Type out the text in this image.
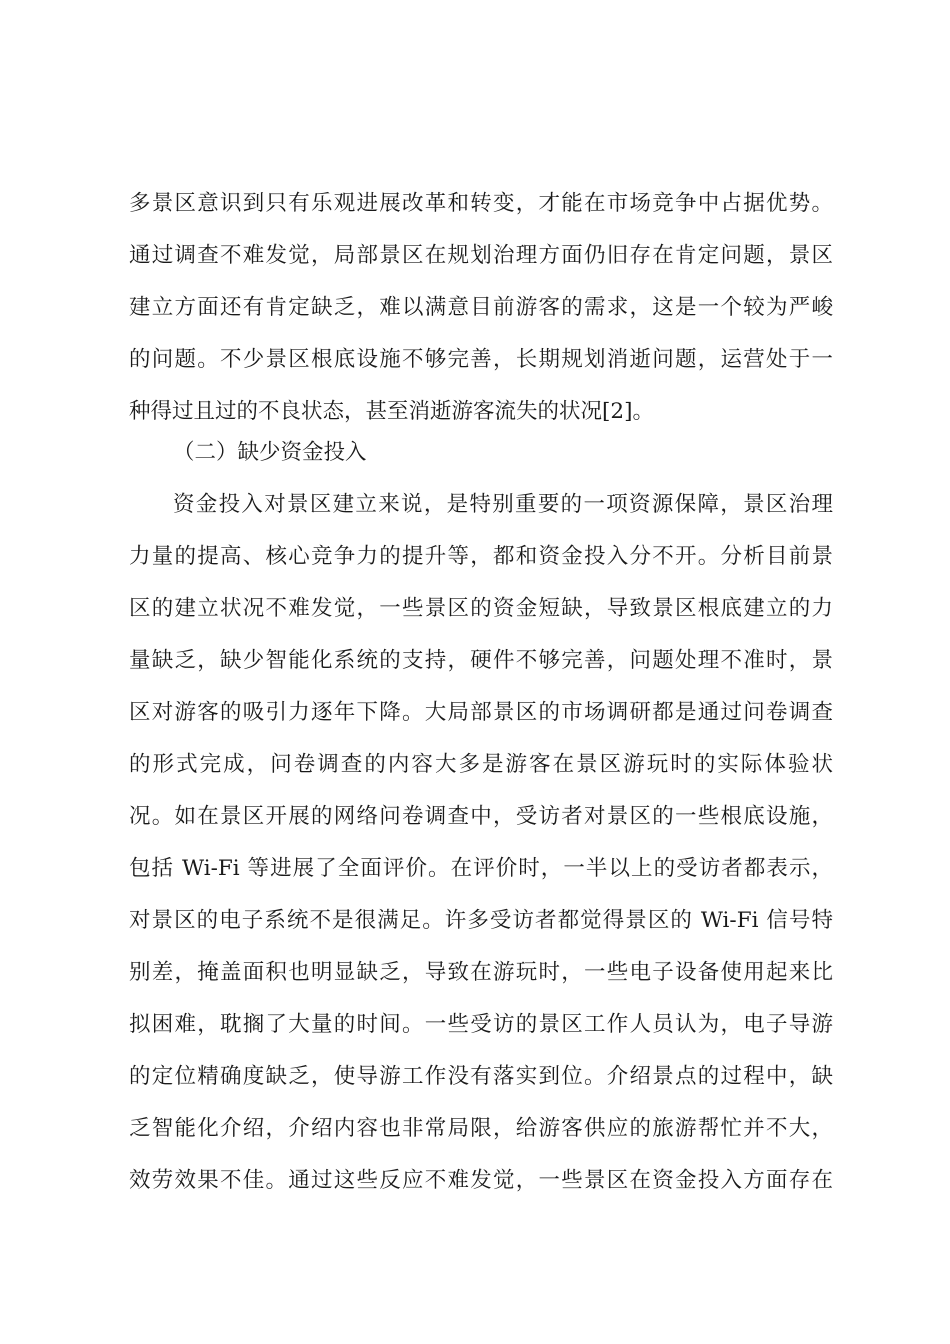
多景区意识到只有乐观进展改革和转变，才能在市场竞争中占据优势。
通过调查不难发觉，局部景区在规划治理方面仍旧存在肯定问题，景区
建立方面还有肯定缺乏，难以满意目前游客的需求，这是一个较为严峻
的问题。不少景区根底设施不够完善，长期规划消逝问题，运营处于一
种得过且过的不良状态，甚至消逝游客流失的状况[2]。
（二）缺少资金投入
资金投入对景区建立来说，是特别重要的一项资源保障，景区治理
力量的提高、核心竞争力的提升等，都和资金投入分不开。分析目前景
区的建立状况不难发觉，一些景区的资金短缺，导致景区根底建立的力
量缺乏，缺少智能化系统的支持，硬件不够完善，问题处理不准时，景
区对游客的吸引力逐年下降。大局部景区的市场调研都是通过问卷调查
的形式完成，问卷调查的内容大多是游客在景区游玩时的实际体验状
况。如在景区开展的网络问卷调查中，受访者对景区的一些根底设施，
包括 Wi-Fi 等进展了全面评价。在评价时，一半以上的受访者都表示，
对景区的电子系统不是很满足。许多受访者都觉得景区的 Wi-Fi 信号特
别差，掩盖面积也明显缺乏，导致在游玩时，一些电子设备使用起来比
拟困难，耽搁了大量的时间。一些受访的景区工作人员认为，电子导游
的定位精确度缺乏，使导游工作没有落实到位。介绍景点的过程中，缺
乏智能化介绍，介绍内容也非常局限，给游客供应的旅游帮忙并不大，
效劳效果不佳。通过这些反应不难发觉，一些景区在资金投入方面存在
